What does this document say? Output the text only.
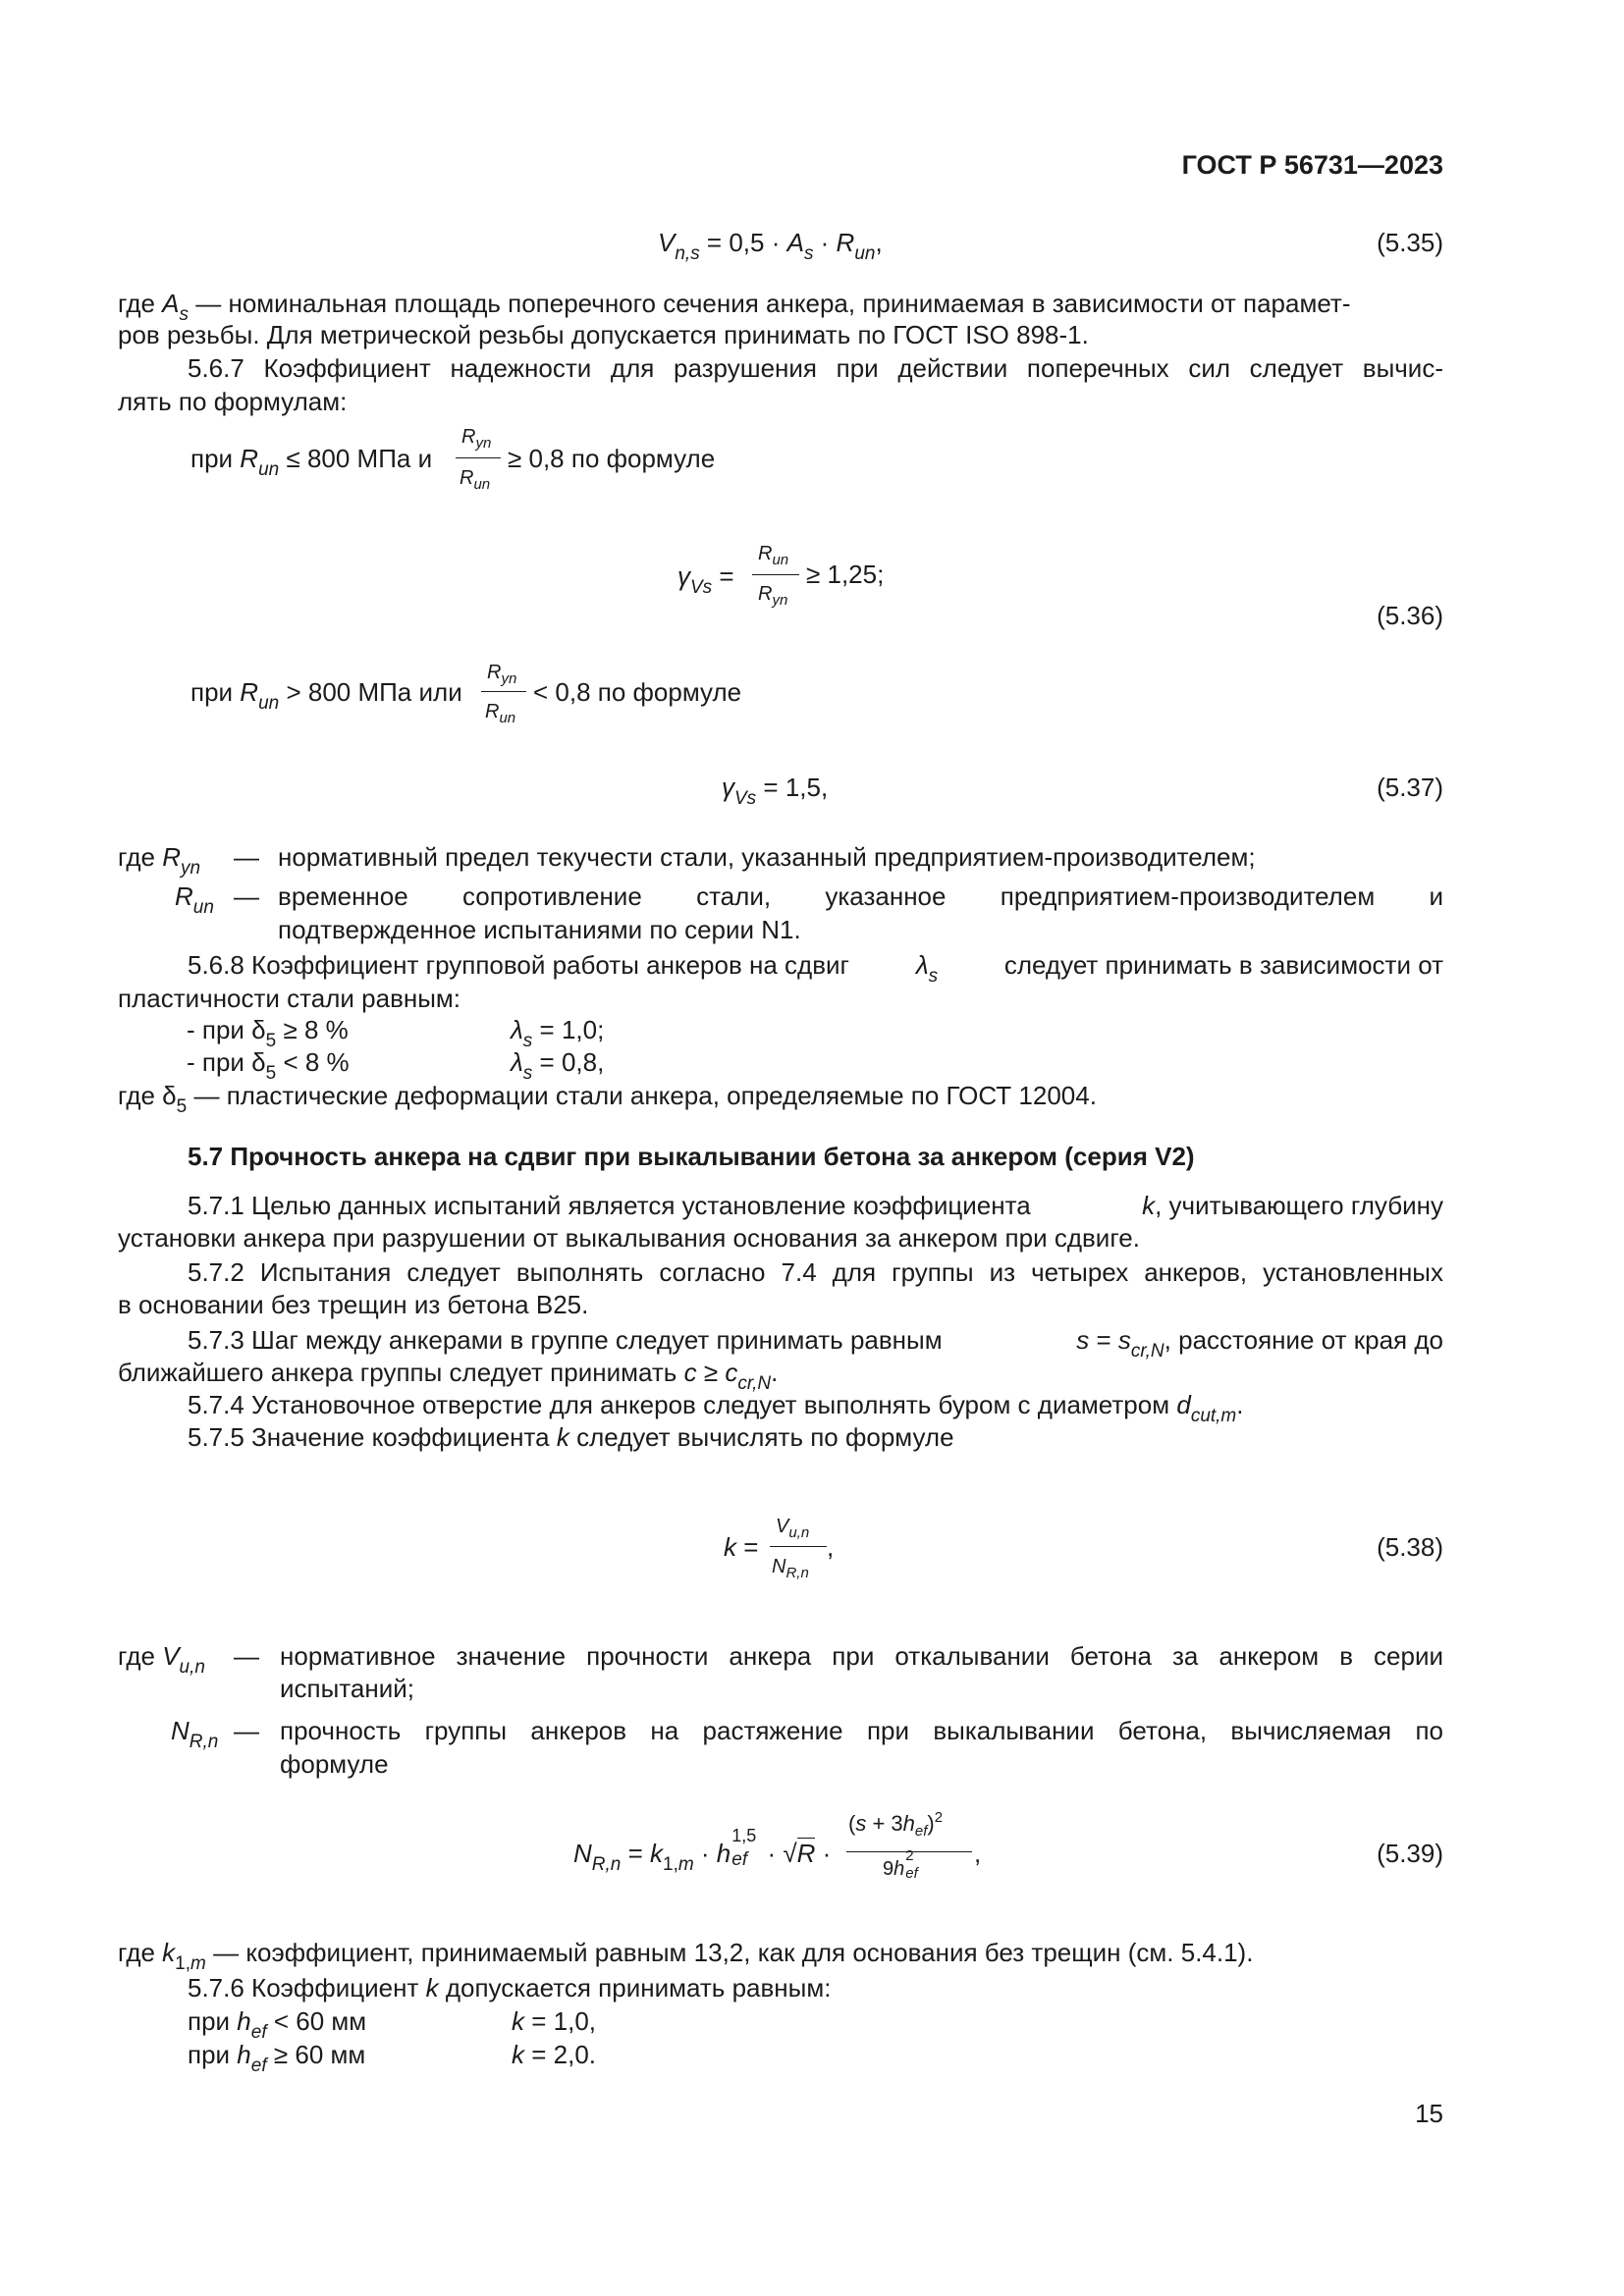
ГОСТ Р 56731—2023
$V_{n,s} = 0,5 \cdot A_s \cdot R_{un}$,	(5.35)
где $A_s$ — номинальная площадь поперечного сечения анкера, принимаемая в зависимости от парамет-
ров резьбы. Для метрической резьбы допускается принимать по ГОСТ ISO 898-1.
5.6.7 Коэффициент надежности для разрушения при действии поперечных сил следует вычис-
лять по формулам:
при $R_{un} \le 800$ МПа и
$R_{yn}$
$R_{un}$
≥ 0,8 по формуле
$\gamma_{Vs}$ =
$R_{un}$
$R_{yn}$
≥ 1,25;
(5.36)
при $R_{un} > 800$ МПа или
$R_{yn}$
$R_{un}$
< 0,8 по формуле
$\gamma_{Vs} = 1,5$,	(5.37)
где $R_{yn}$ — нормативный предел текучести стали, указанный предприятием-производителем;
$R_{un}$ — временное сопротивление стали, указанное предприятием-производителем и
подтвержденное испытаниями по серии N1.
5.6.8 Коэффициент групповой работы анкеров на сдвиг	$\lambda_s$	следует принимать в зависимости от
пластичности стали равным:
- при $\delta_5 \ge 8$ %	$\lambda_s = 1,0$;
- при $\delta_5 < 8$ %	$\lambda_s = 0,8$,
где $\delta_5$ — пластические деформации стали анкера, определяемые по ГОСТ 12004.
5.7 Прочность анкера на сдвиг при выкалывании бетона за анкером (серия V2)
5.7.1 Целью данных испытаний является установление коэффициента	k, учитывающего глубину
установки анкера при разрушении от выкалывания основания за анкером при сдвиге.
5.7.2 Испытания следует выполнять согласно 7.4 для группы из четырех анкеров, установленных
в основании без трещин из бетона В25.
5.7.3 Шаг между анкерами в группе следует принимать равным	$s = s_{cr,N}$, расстояние от края до
ближайшего анкера группы следует принимать $c \ge c_{cr,N}$.
5.7.4 Установочное отверстие для анкеров следует выполнять буром с диаметром $d_{cut,m}$.
5.7.5 Значение коэффициента k следует вычислять по формуле
k =
$V_{u,n}$
$N_{R,n}$
,	(5.38)
где $V_{u,n}$ — нормативное значение прочности анкера при откалывании бетона за анкером в серии
испытаний;
$N_{R,n}$ — прочность группы анкеров на растяжение при выкалывании бетона, вычисляемая по
формуле
$N_{R,n} = k_{1,m} \cdot h$
1,5
ef · √R ·
$(s + 3h_{ef})^2$
9h
2
ef
,	(5.39)
где $k_{1,m}$ — коэффициент, принимаемый равным 13,2, как для основания без трещин (см. 5.4.1).
5.7.6 Коэффициент k допускается принимать равным:
при $h_{ef} < 60$ мм	k = 1,0,
при $h_{ef} \ge 60$ мм	k = 2,0.
15
